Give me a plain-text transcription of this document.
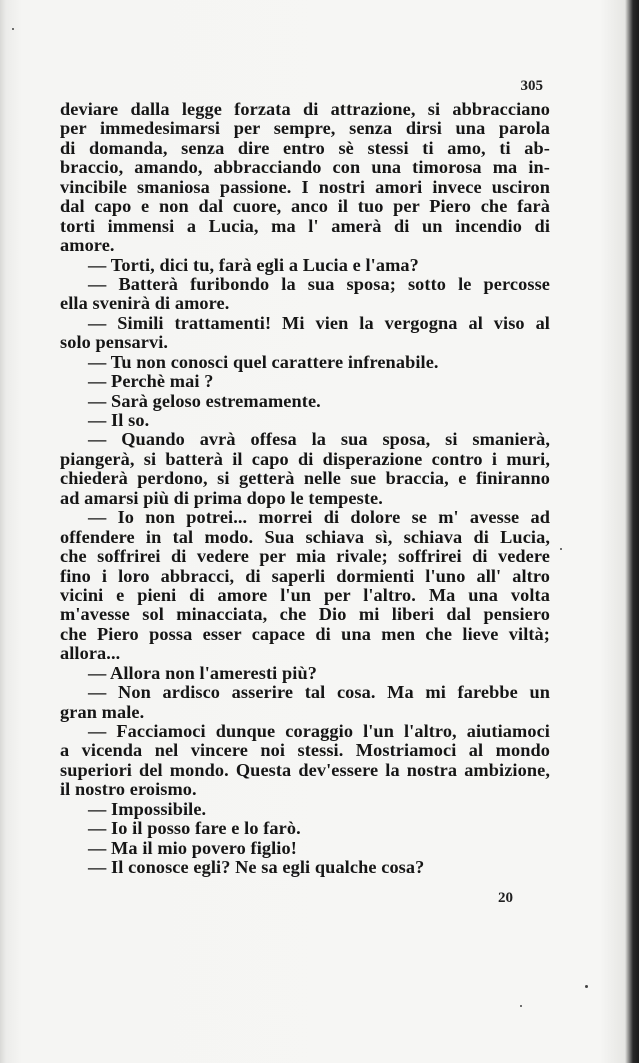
305
deviare dalla legge forzata di attrazione, si abbracciano
per immedesimarsi per sempre, senza dirsi una parola
di domanda, senza dire entro sè stessi ti amo, ti ab-
braccio, amando, abbracciando con una timorosa ma in-
vincibile smaniosa passione. I nostri amori invece usciron
dal capo e non dal cuore, anco il tuo per Piero che farà
torti immensi a Lucia, ma l' amerà di un incendio di
amore.
— Torti, dici tu, farà egli a Lucia e l'ama?
— Batterà furibondo la sua sposa; sotto le percosse
ella svenirà di amore.
— Simili trattamenti! Mi vien la vergogna al viso al
solo pensarvi.
— Tu non conosci quel carattere infrenabile.
— Perchè mai ?
— Sarà geloso estremamente.
— Il so.
— Quando avrà offesa la sua sposa, si smanierà,
piangerà, si batterà il capo di disperazione contro i muri,
chiederà perdono, si getterà nelle sue braccia, e finiranno
ad amarsi più di prima dopo le tempeste.
— Io non potrei... morrei di dolore se m' avesse ad
offendere in tal modo. Sua schiava sì, schiava di Lucia,
che soffrirei di vedere per mia rivale; soffrirei di vedere
fino i loro abbracci, di saperli dormienti l'uno all' altro
vicini e pieni di amore l'un per l'altro. Ma una volta
m'avesse sol minacciata, che Dio mi liberi dal pensiero
che Piero possa esser capace di una men che lieve viltà;
allora...
— Allora non l'ameresti più?
— Non ardisco asserire tal cosa. Ma mi farebbe un
gran male.
— Facciamoci dunque coraggio l'un l'altro, aiutiamoci
a vicenda nel vincere noi stessi. Mostriamoci al mondo
superiori del mondo. Questa dev'essere la nostra ambizione,
il nostro eroismo.
— Impossibile.
— Io il posso fare e lo farò.
— Ma il mio povero figlio!
— Il conosce egli? Ne sa egli qualche cosa?
20
